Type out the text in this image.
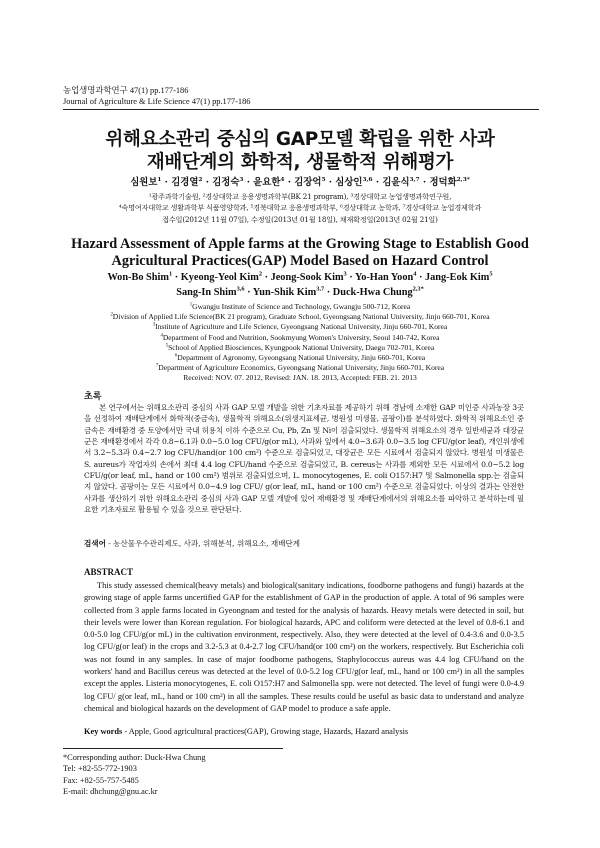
농업생명과학연구 47(1) pp.177-186
Journal of Agriculture & Life Science 47(1) pp.177-186
위해요소관리 중심의 GAP모델 확립을 위한 사과
재배단계의 화학적, 생물학적 위해평가
심원보$^1$ · 김경열$^2$ · 김정숙$^3$ · 윤요한$^4$ · 김장억$^5$ · 심상인$^{3,6}$ · 김윤식$^{3,7}$ · 정덕화$^{2,3*}$
¹광주과학기술원, ²경상대학교 응용생명과학부(BK 21 program), ³경상대학교 농업생명과학연구원,
⁴숙명여자대학교 생활과학부 식품영양학과, ⁵경북대학교 응용생명과학부, ⁶경상대학교 농학과, ⁷경상대학교 농업경제학과
접수일(2012년 11월 07일), 수정일(2013년 01월 18일), 채재확정일(2013년 02월 21일)
Hazard Assessment of Apple farms at the Growing Stage to Establish Good
Agricultural Practices(GAP) Model Based on Hazard Control
Won-Bo Shim$^1$ · Kyeong-Yeol Kim$^2$ · Jeong-Sook Kim$^3$ · Yo-Han Yoon$^4$ · Jang-Eok Kim$^5$
Sang-In Shim$^{3,6}$ · Yun-Shik Kim$^{3,7}$ · Duck-Hwa Chung$^{2,3*}$
$^1$Gwangju Institute of Science and Technology, Gwangju 500-712, Korea
$^2$Division of Applied Life Science(BK 21 program), Graduate School, Gyeongsang National University, Jinju 660-701, Korea
$^3$Institute of Agriculture and Life Science, Gyeongsang National University, Jinju 660-701, Korea
$^4$Department of Food and Nutrition, Sookmyung Women's University, Seoul 140-742, Korea
$^5$School of Applied Biosciences, Kyungpook National University, Daegu 702-701, Korea
$^6$Department of Agronomy, Gyeongsang National University, Jinju 660-701, Korea
$^7$Department of Agriculture Economics, Gyeongsang National University, Jinju 660-701, Korea
Received: NOV. 07. 2012, Revised: JAN. 18. 2013, Accepted: FEB. 21. 2013
초록

본 연구에서는 위해요소관리 중심의 사과 GAP 모델 개발을 위한 기초자료를 제공하기 위해 경남에 소재한 GAP 미인증 사과농장 3곳을 선정하여 재배단계에서 화학적(중금속), 생물학적 위해요소(위생지표세균, 병원성 미생물, 곰팡이)를 분석하였다. 화학적 위해요소인 중금속은 재배환경 중 토양에서만 국내 허용치 이하 수준으로 Cu, Pb, Zn 및 Ni이 검출되었다. 생물학적 위해요소의 경우 일반세균과 대장균군은 재배환경에서 각각 0.8~6.1과 0.0~5.0 log CFU/g(or mL), 사과와 잎에서 4.0~3.6과 0.0~3.5 log CFU/g(or leaf), 개인위생에서 3.2~5.3과 0.4~2.7 log CFU/hand(or 100 cm²) 수준으로 검출되었고, 대장균은 모든 시료에서 검출되지 않았다. 병원성 미생물은 S. aureus가 작업자의 손에서 최대 4.4 log CFU/hand 수준으로 검출되었고, B. cereus는 사과를 제외한 모든 시료에서 0.0~5.2 log CFU/g(or leaf, mL, hand or 100 cm²) 범위로 검출되었으며, L. monocytogenes, E. coli O157:H7 및 Salmonella spp.는 검출되지 않았다. 곰팡이는 모든 시료에서 0.0~4.9 log CFU/ g(or leaf, mL, hand or 100 cm²) 수준으로 검출되었다. 이상의 결과는 안전한 사과를 생산하기 위한 위해요소관리 중심의 사과 GAP 모델 개발에 있어 재배환경 및 재배단계에서의 위해요소를 파악하고 분석하는데 필요한 기초자료로 활용될 수 있을 것으로 판단된다.

검색어 - 농산물우수관리제도, 사과, 위해분석, 위해요소, 재배단계
ABSTRACT

This study assessed chemical(heavy metals) and biological(sanitary indications, foodborne pathogens and fungi) hazards at the growing stage of apple farms uncertified GAP for the establishment of GAP in the production of apple. A total of 96 samples were collected from 3 apple farms located in Gyeongnam and tested for the analysis of hazards. Heavy metals were detected in soil, but their levels were lower than Korean regulation. For biological hazards, APC and coliform were detected at the level of 0.8-6.1 and 0.0-5.0 log CFU/g(or mL) in the cultivation environment, respectively. Also, they were detected at the level of 0.4-3.6 and 0.0-3.5 log CFU/g(or leaf) in the crops and 3.2-5.3 at 0.4-2.7 log CFU/hand(or 100 cm²) on the workers, respectively. But Escherichia coli was not found in any samples. In case of major foodborne pathogens, Staphylococcus aureus was 4.4 log CFU/hand on the workers' hand and Bacillus cereus was detected at the level of 0.0-5.2 log CFU/g(or leaf, mL, hand or 100 cm²) in all the samples except the apples. Listeria monocytogenes, E. coli O157:H7 and Salmonella spp. were not detected. The level of fungi were 0.0-4.9 log CFU/ g(or leaf, mL, hand or 100 cm²) in all the samples. These results could be useful as basic data to understand and analyze chemical and biological hazards on the development of GAP model to produce a safe apple.

Key words - Apple, Good agricultural practices(GAP), Growing stage, Hazards, Hazard analysis
*Corresponding author: Duck-Hwa Chung
Tel: +82-55-772-1903
Fax: +82-55-757-5485
E-mail: dhchung@gnu.ac.kr
